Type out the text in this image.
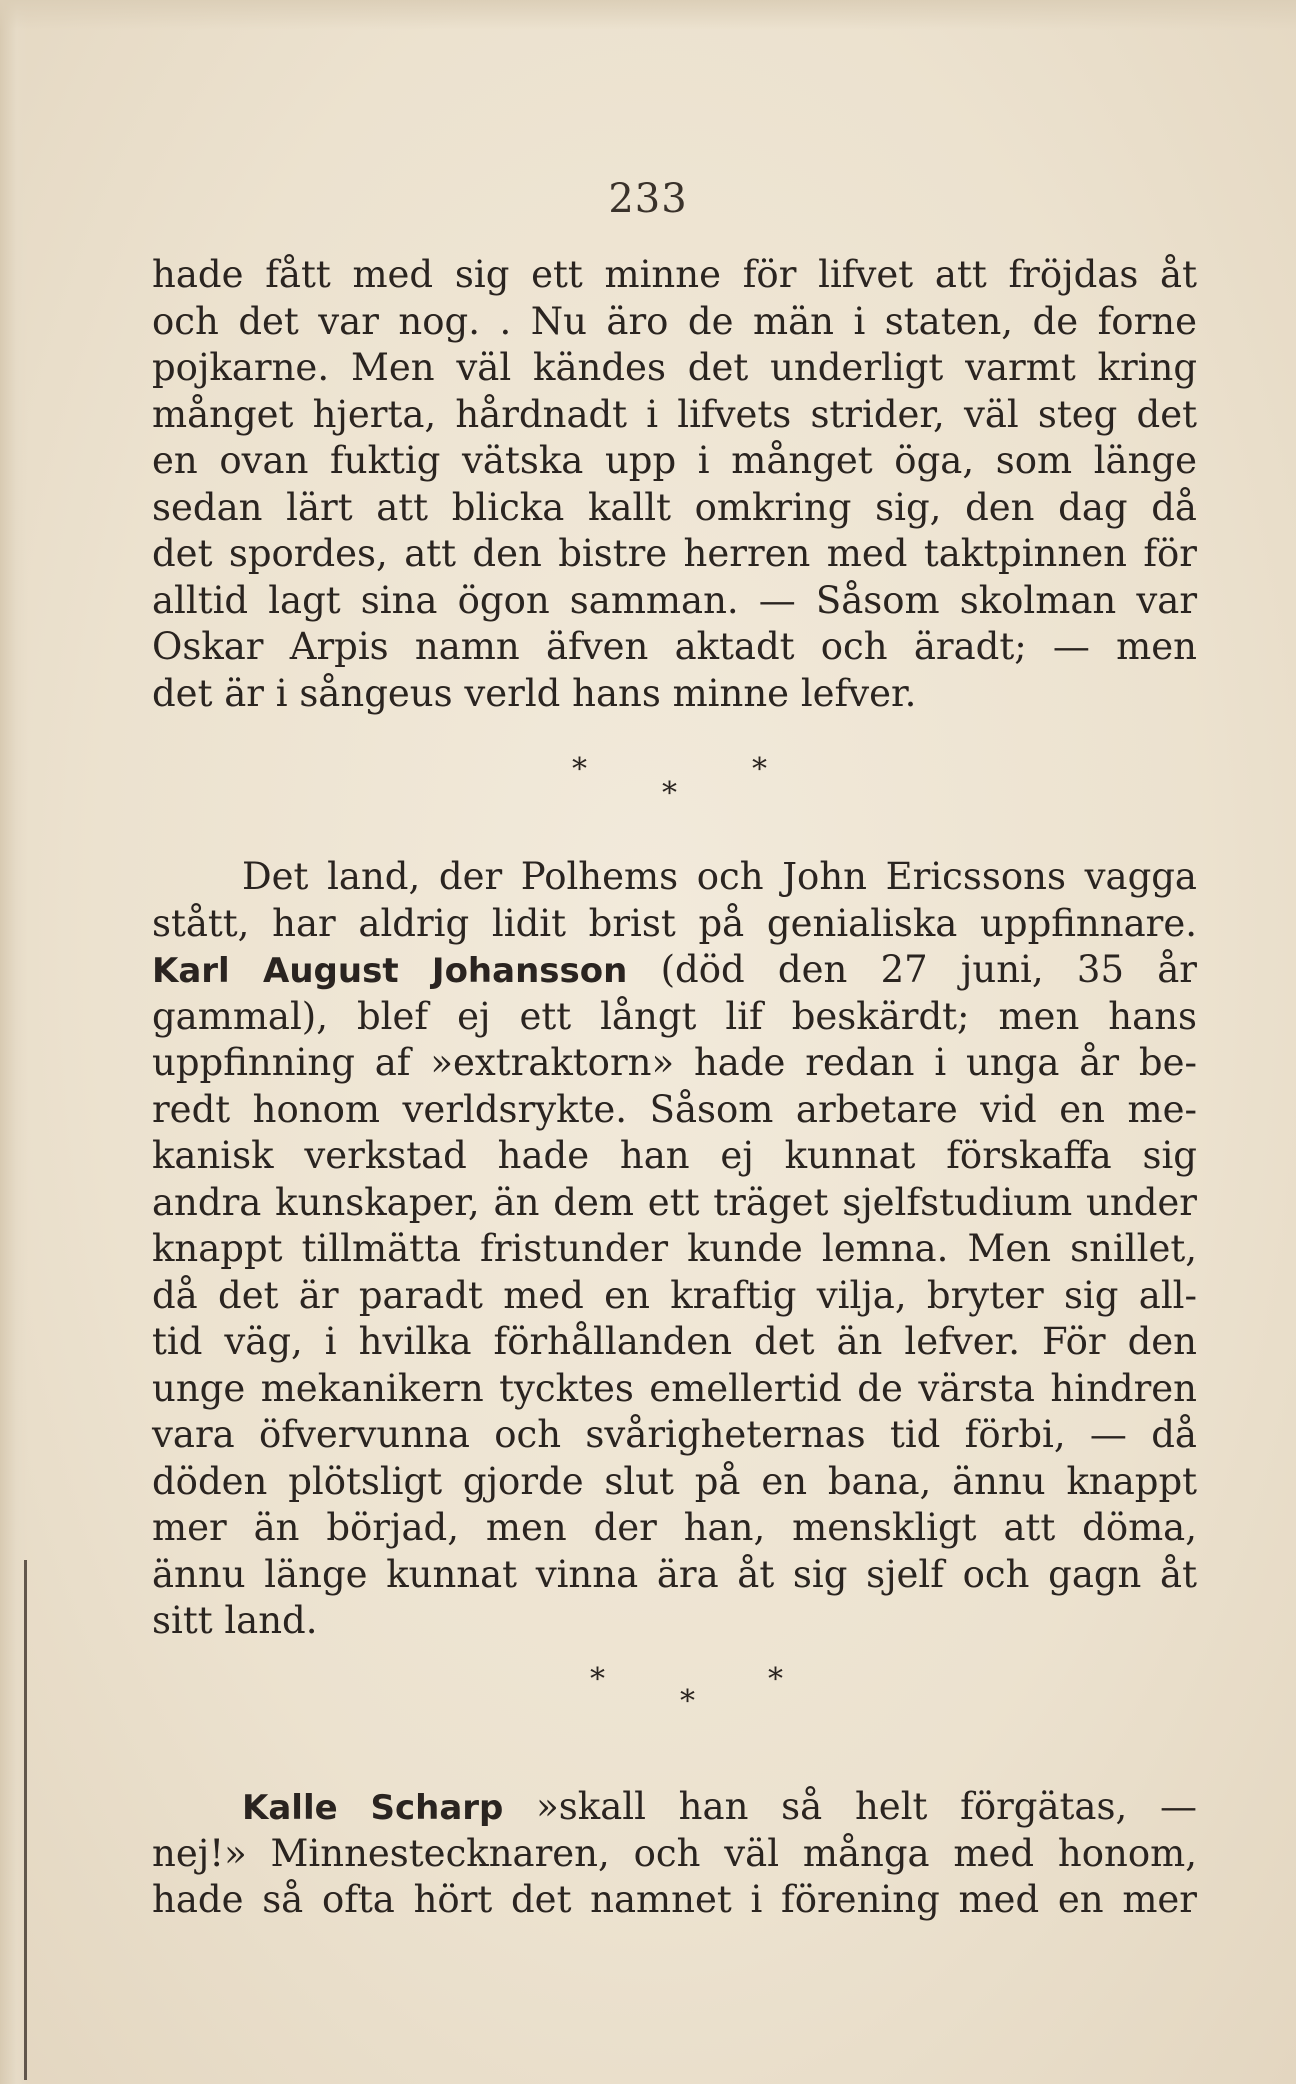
233
hade fått med sig ett minne för lifvet att fröjdas åt
och det var nog. . Nu äro de män i staten, de forne
pojkarne. Men väl kändes det underligt varmt kring
månget hjerta, hårdnadt i lifvets strider, väl steg det
en ovan fuktig vätska upp i månget öga, som länge
sedan lärt att blicka kallt omkring sig, den dag då
det spordes, att den bistre herren med taktpinnen för
alltid lagt sina ögon samman. — Såsom skolman var
Oskar Arpis namn äfven aktadt och äradt; — men
det är i sångeus verld hans minne lefver.
*	*
*
Det land, der Polhems och John Ericssons vagga
stått, har aldrig lidit brist på genialiska uppfinnare.
Karl August Johansson (död den 27 juni, 35 år
gammal), blef ej ett långt lif beskärdt; men hans
uppfinning af »extraktorn» hade redan i unga år be-
redt honom verldsrykte. Såsom arbetare vid en me-
kanisk verkstad hade han ej kunnat förskaffa sig
andra kunskaper, än dem ett träget sjelfstudium under
knappt tillmätta fristunder kunde lemna. Men snillet,
då det är paradt med en kraftig vilja, bryter sig all-
tid väg, i hvilka förhållanden det än lefver. För den
unge mekanikern tycktes emellertid de värsta hindren
vara öfvervunna och svårigheternas tid förbi, — då
döden plötsligt gjorde slut på en bana, ännu knappt
mer än börjad, men der han, menskligt att döma,
ännu länge kunnat vinna ära åt sig sjelf och gagn åt
sitt land.
*	*
*
Kalle Scharp »skall han så helt förgätas, —
nej!» Minnestecknaren, och väl många med honom,
hade så ofta hört det namnet i förening med en mer
